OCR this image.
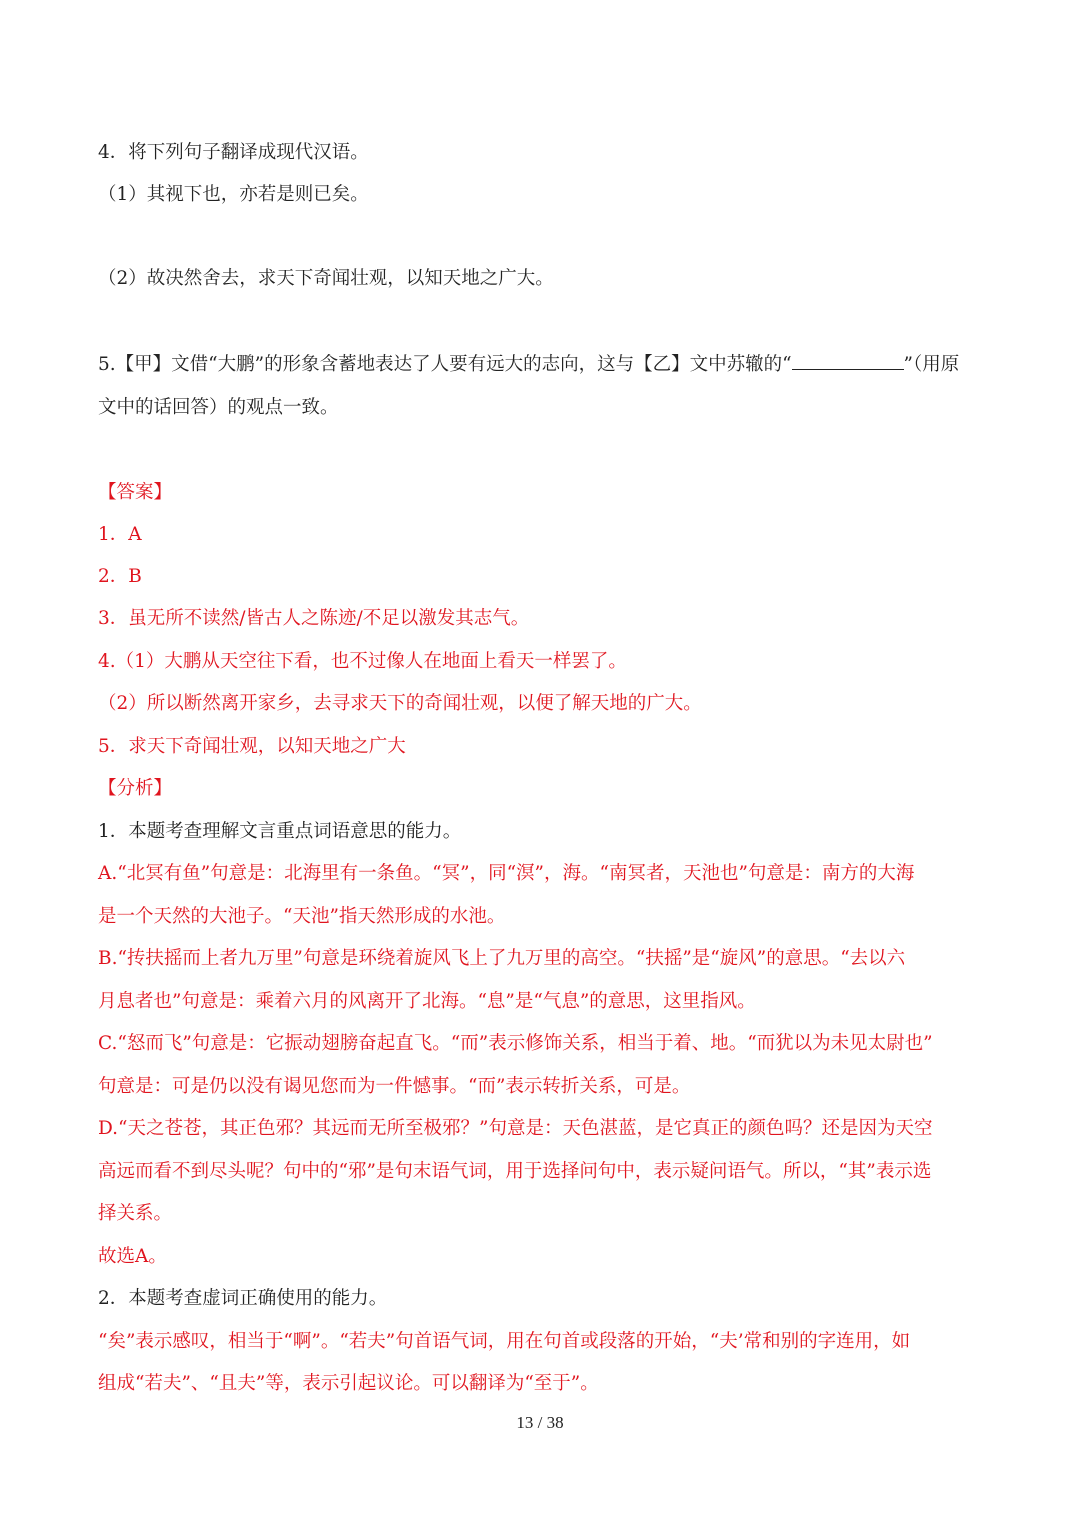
4．将下列句子翻译成现代汉语。
（1）其视下也，亦若是则已矣。
（2）故决然舍去，求天下奇闻壮观，以知天地之广大。
5.【甲】文借“大鹏”的形象含蓄地表达了人要有远大的志向，这与【乙】文中苏辙的“	”（用原
文中的话回答）的观点一致。
【答案】
1．A
2．B
3．虽无所不读然/皆古人之陈迹/不足以激发其志气。
4.（1）大鹏从天空往下看，也不过像人在地面上看天一样罢了。
（2）所以断然离开家乡，去寻求天下的奇闻壮观，以便了解天地的广大。
5．求天下奇闻壮观，以知天地之广大
【分析】
1．本题考查理解文言重点词语意思的能力。
A.“北冥有鱼”句意是：北海里有一条鱼。“冥”，同“溟”，海。“南冥者，天池也”句意是：南方的大海
是一个天然的大池子。“天池”指天然形成的水池。
B.“抟扶摇而上者九万里”句意是环绕着旋风飞上了九万里的高空。“扶摇”是“旋风”的意思。“去以六
月息者也”句意是：乘着六月的风离开了北海。“息”是“气息”的意思，这里指风。
C.“怒而飞”句意是：它振动翅膀奋起直飞。“而”表示修饰关系，相当于着、地。“而犹以为未见太尉也”
句意是：可是仍以没有谒见您而为一件憾事。“而”表示转折关系，可是。
D.“天之苍苍，其正色邪？其远而无所至极邪？”句意是：天色湛蓝，是它真正的颜色吗？还是因为天空
高远而看不到尽头呢？句中的“邪”是句末语气词，用于选择问句中，表示疑问语气。所以，“其”表示选
择关系。
故选A。
2．本题考查虚词正确使用的能力。
“矣”表示感叹，相当于“啊”。“若夫”句首语气词，用在句首或段落的开始，“夫’常和别的字连用，如
组成“若夫”、“且夫”等，表示引起议论。可以翻译为“至于”。
13 / 38
